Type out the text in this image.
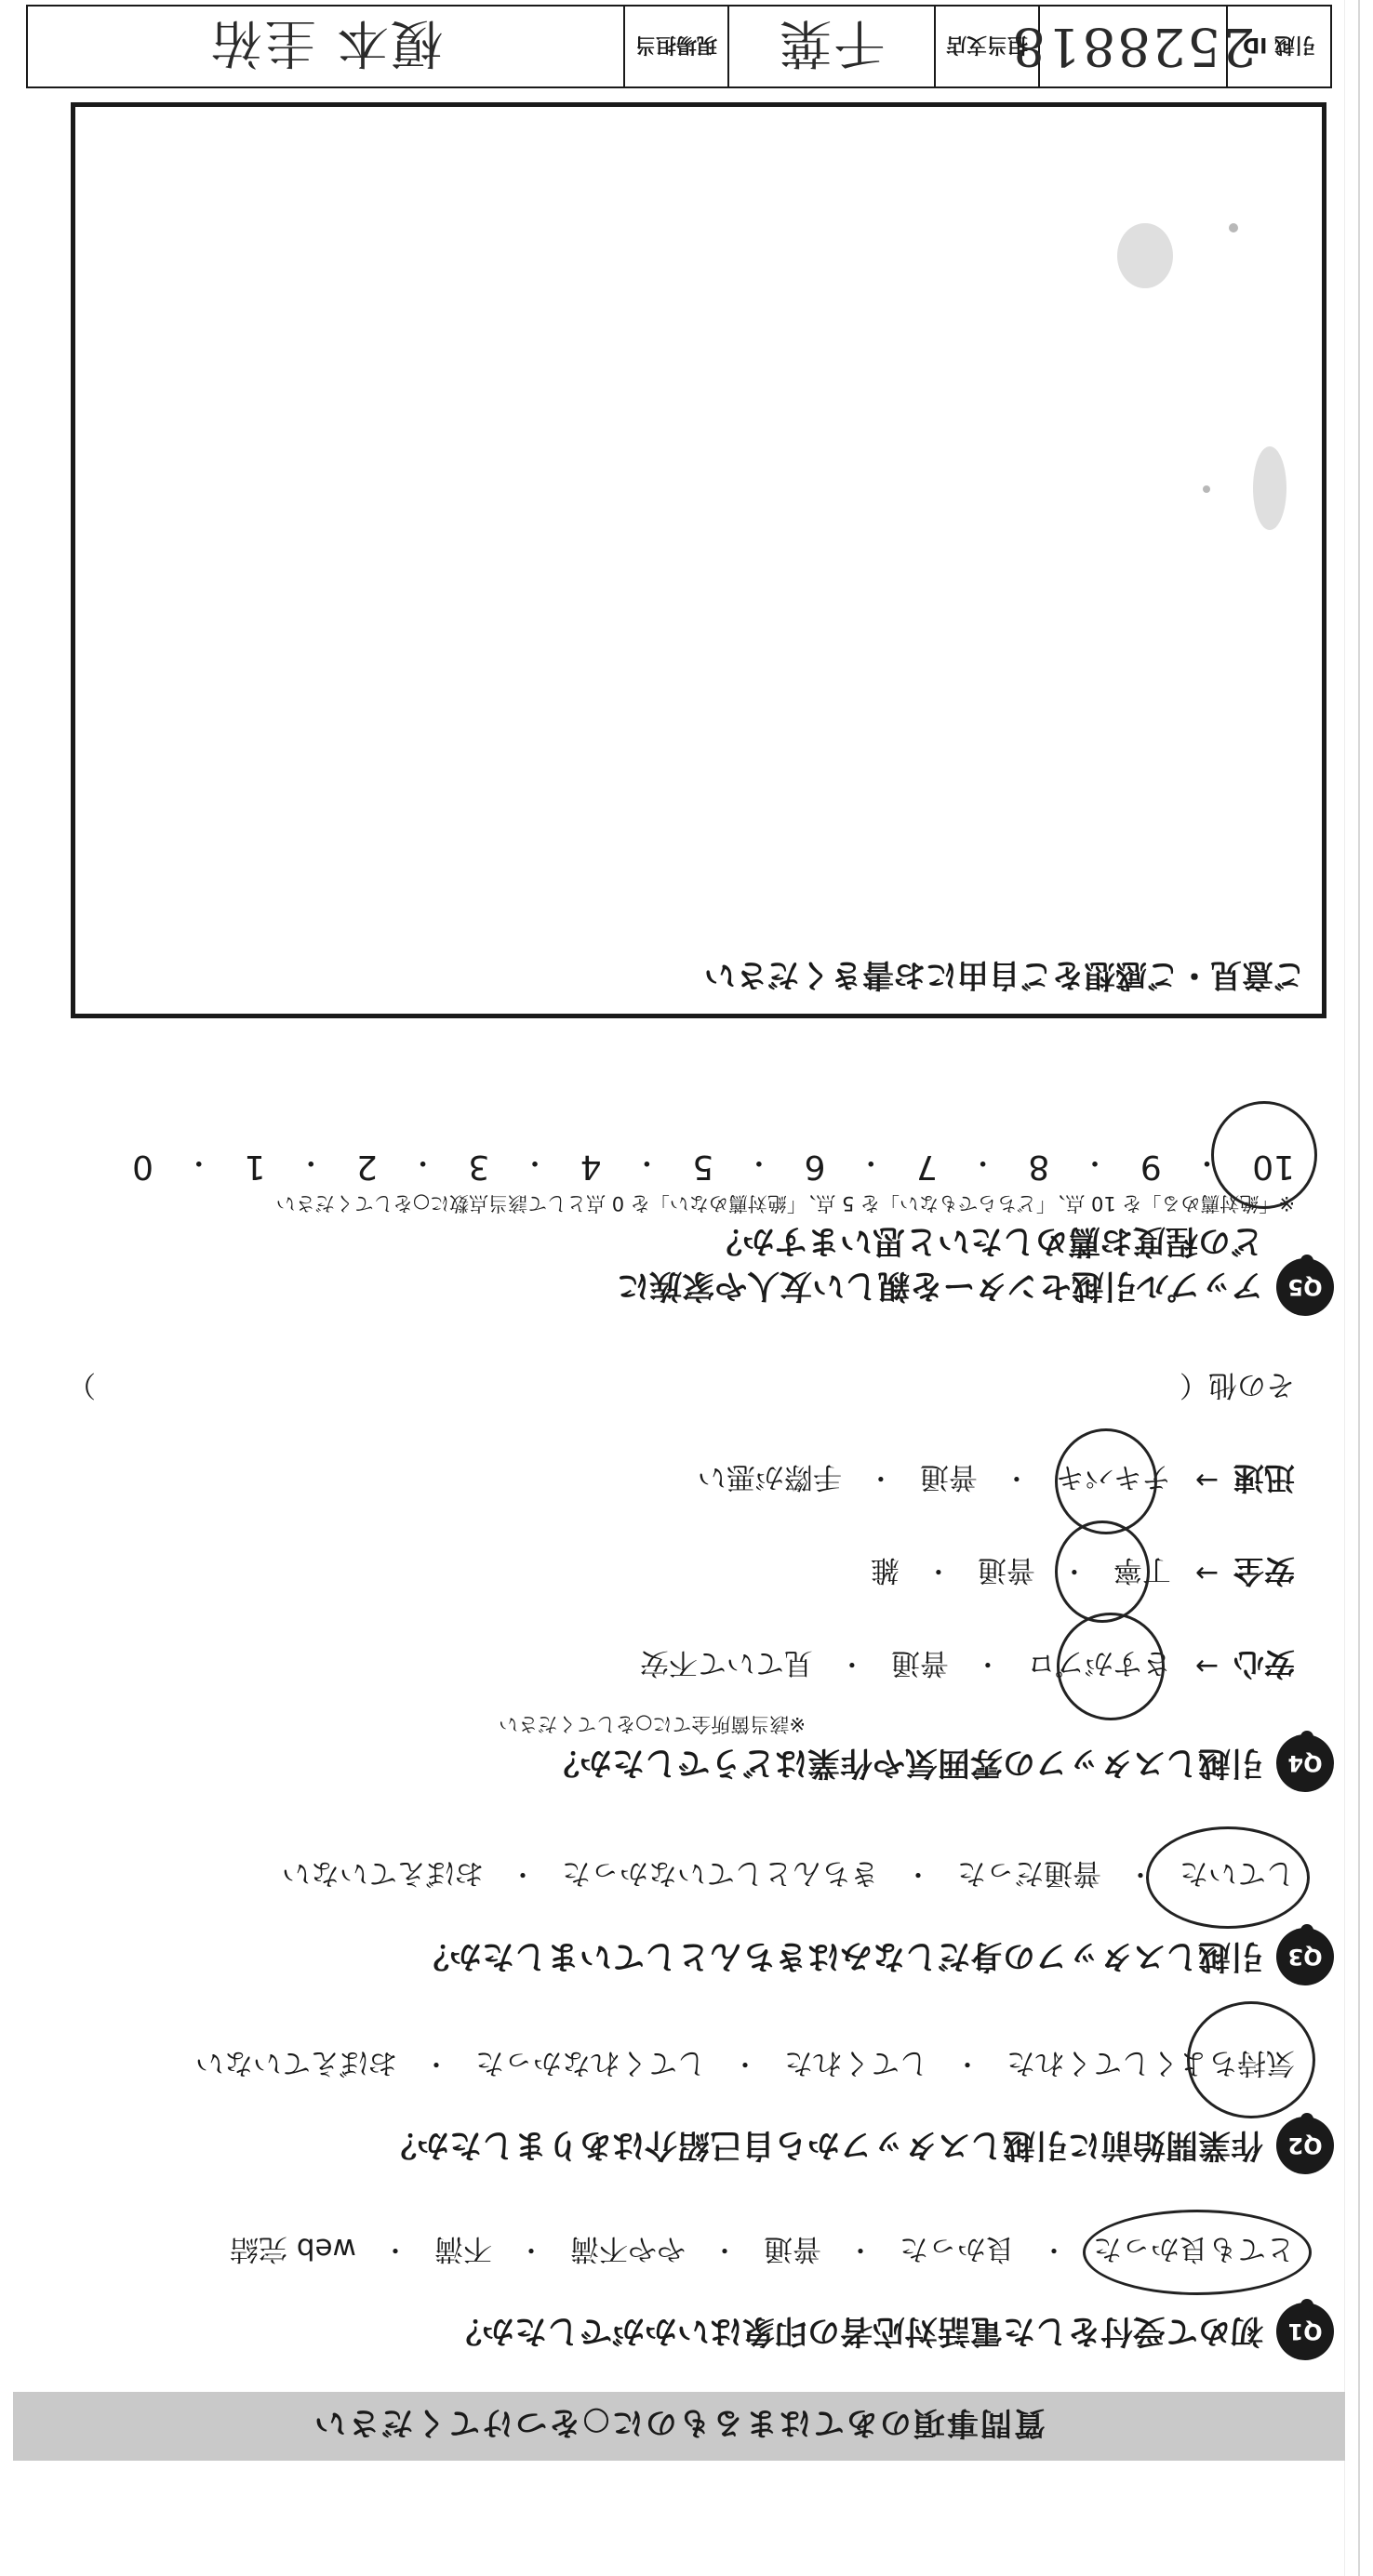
質問事項のあてはまるものに○をつけてください
Q1
初めて受付をした電話対応者の印象はいかがでしたか？
とても良かった
・
良かった
・
普通
・
やや不満
・
不満
・
web 完結
Q2
作業開始前に引越しスタッフから自己紹介はありましたか？
気持ちよくしてくれた
・
してくれた
・
してくれなかった
・
おぼえていない
Q3
引越しスタッフの身だしなみはきちんとしていましたか？
していた
・
普通だった
・
きちんとしていなかった
・
おぼえていない
Q4
引越しスタッフの雰囲気や作業はどうでしたか？
※該当箇所全てに○をしてください
安心
→
さすがプロ
・
普通
・
見ていて不安
安全
→
丁寧
・
普通
・
雑
迅速
→
テキパキ
・
普通
・
手際が悪い
その他（
）
Q5
アップル引越センターを親しい友人や家族に
どの程度お薦めしたいと思いますか？
※「絶対薦める」を 10 点、「どちらでもない」を 5 点、「絶対薦めない」を 0 点として該当点数に○をしてください
10
・
9
・
8
・
7
・
6
・
5
・
4
・
3
・
2
・
1
・
0
ご意見・ご感想をご自由にお書きください
引越 ID
2528818
担当支店
千葉
現場担当
榎本 圭祐
